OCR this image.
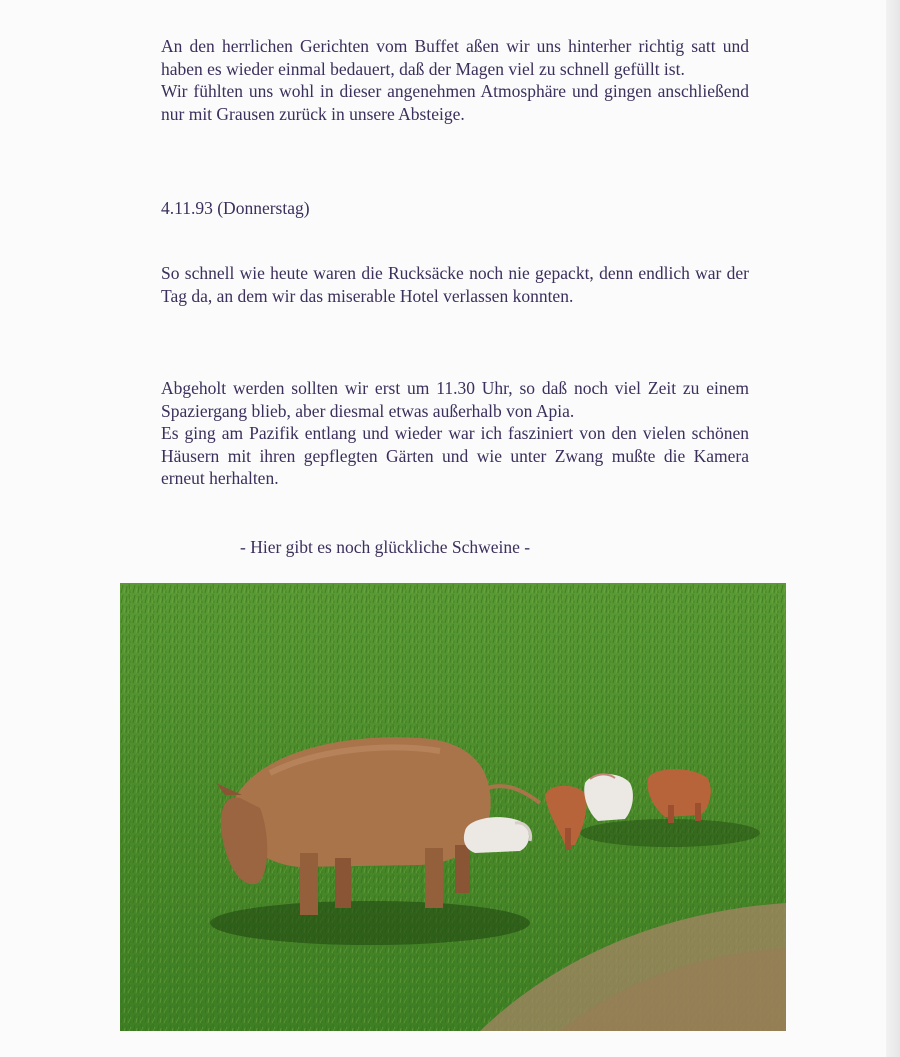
An den herrlichen Gerichten vom Buffet aßen wir uns hinterher richtig satt und haben es wieder einmal bedauert, daß der Magen viel zu schnell gefüllt ist.

Wir fühlten uns wohl in dieser angenehmen Atmosphäre und gingen anschließend nur mit Grausen zurück in unsere Absteige.

4.11.93 (Donnerstag)

So schnell wie heute waren die Rucksäcke noch nie gepackt, denn endlich war der Tag da, an dem wir das miserable Hotel verlassen konnten.

Abgeholt werden sollten wir erst um 11.30 Uhr, so daß noch viel Zeit zu einem Spaziergang blieb, aber diesmal etwas außerhalb von Apia.

Es ging am Pazifik entlang und wieder war ich fasziniert von den vielen schönen Häusern mit ihren gepflegten Gärten und wie unter Zwang mußte die Kamera erneut herhalten.

- Hier gibt es noch glückliche Schweine -
